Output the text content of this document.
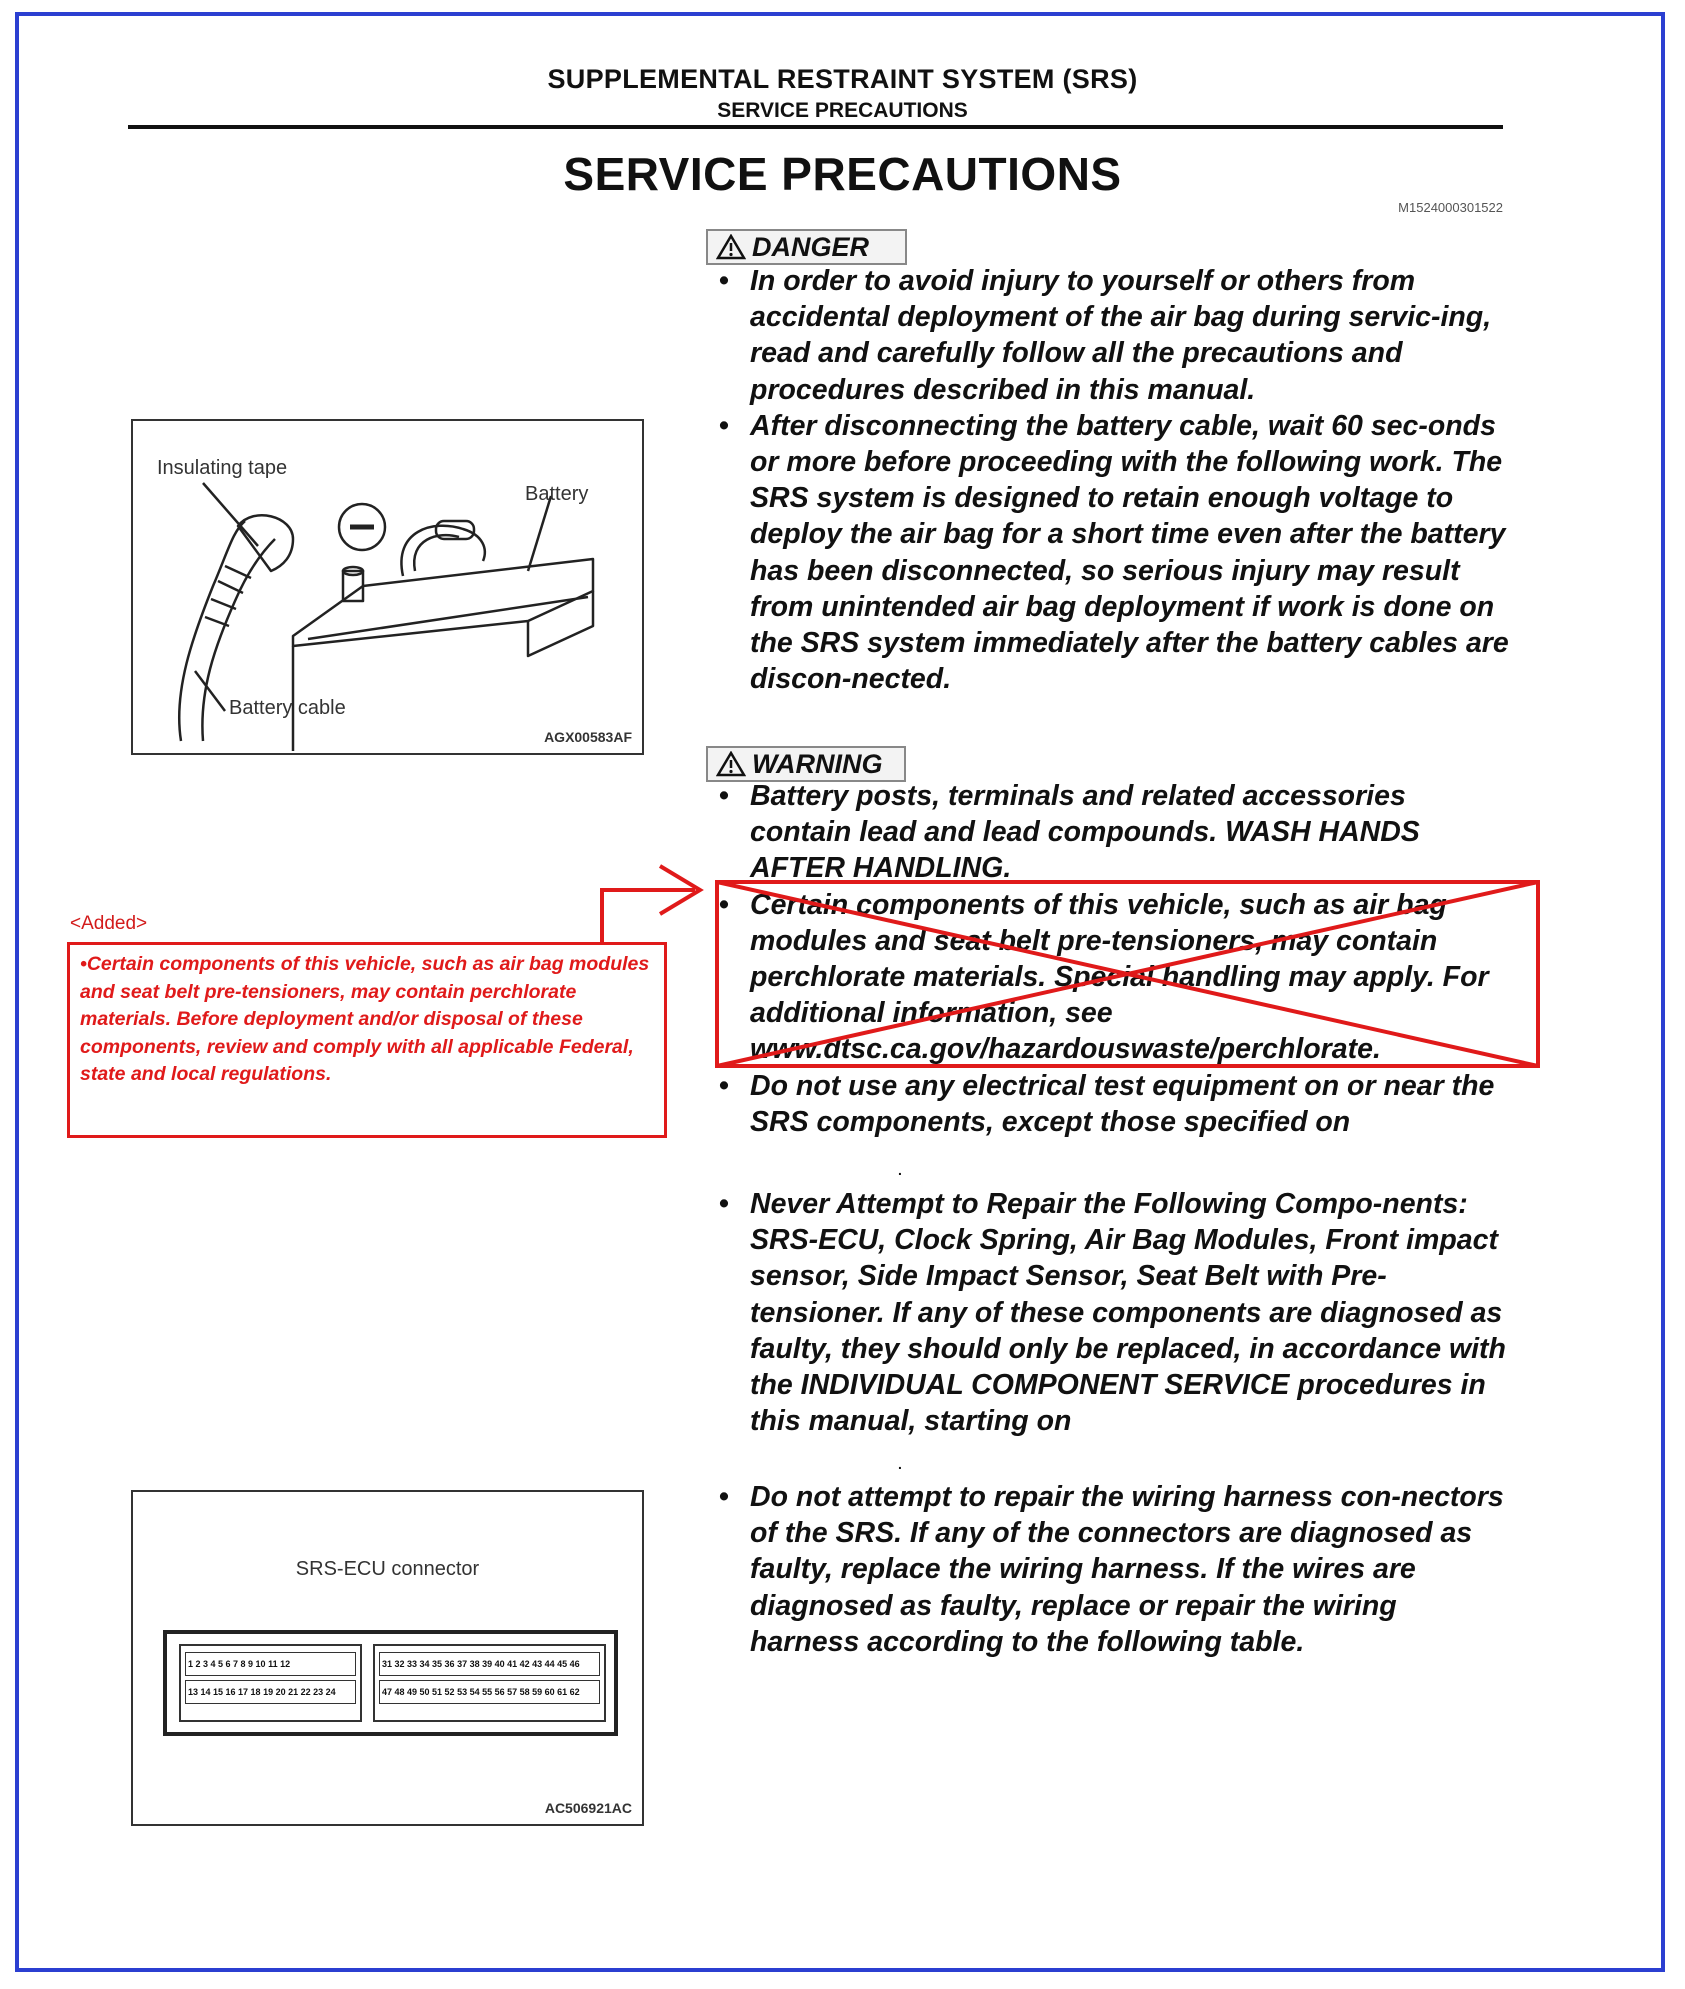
SUPPLEMENTAL RESTRAINT SYSTEM (SRS)
SERVICE PRECAUTIONS
SERVICE PRECAUTIONS
M1524000301522
DANGER
• In order to avoid injury to yourself or others from accidental deployment of the air bag during servic-ing, read and carefully follow all the precautions and procedures described in this manual.
• After disconnecting the battery cable, wait 60 sec-onds or more before proceeding with the following work. The SRS system is designed to retain enough voltage to deploy the air bag for a short time even after the battery has been disconnected, so serious injury may result from unintended air bag deployment if work is done on the SRS system immediately after the battery cables are discon-nected.
WARNING
• Battery posts, terminals and related accessories contain lead and lead compounds. WASH HANDS AFTER HANDLING.
• Certain components of this vehicle, such as air bag modules and seat belt pre-tensioners, may contain perchlorate materials. Special handling may apply. For additional information, see www.dtsc.ca.gov/hazardouswaste/perchlorate.
• Do not use any electrical test equipment on or near the SRS components, except those specified on
.
• Never Attempt to Repair the Following Compo-nents: SRS-ECU, Clock Spring, Air Bag Modules, Front impact sensor, Side Impact Sensor, Seat Belt with Pre-tensioner. If any of these components are diagnosed as faulty, they should only be replaced, in accordance with the INDIVIDUAL COMPONENT SERVICE procedures in this manual, starting on
.
• Do not attempt to repair the wiring harness con-nectors of the SRS. If any of the connectors are diagnosed as faulty, replace the wiring harness. If the wires are diagnosed as faulty, replace or repair the wiring harness according to the following table.
Insulating tape
Battery
Battery cable
AGX00583AF
SRS-ECU connector
1 2 3 4 5 6 7 8 9 10 11 12
13 14 15 16 17 18 19 20 21 22 23 24
31 32 33 34 35 36 37 38 39 40 41 42 43 44 45 46
47 48 49 50 51 52 53 54 55 56 57 58 59 60 61 62
AC506921AC
<Added>
•Certain components of this vehicle, such as air bag modules and seat belt pre-tensioners, may contain perchlorate materials. Before deployment and/or disposal of these components, review and comply with all applicable Federal, state and local regulations.
